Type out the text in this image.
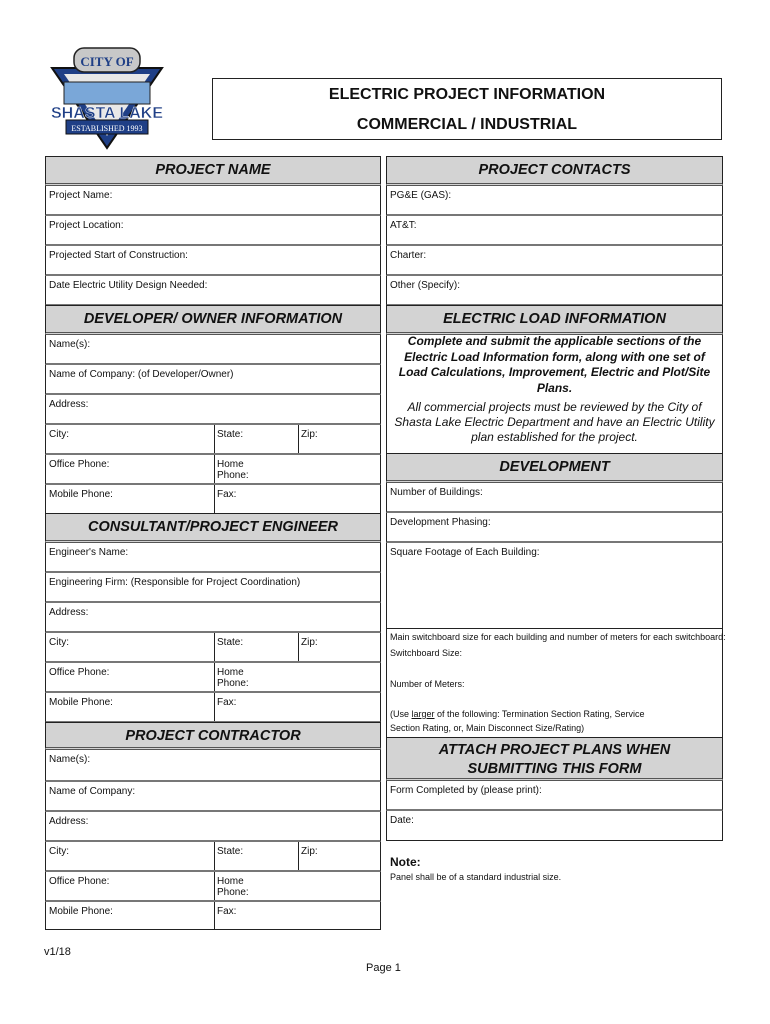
CITY OF
SHASTA LAKE
ESTABLISHED 1993
ELECTRIC PROJECT INFORMATION
COMMERCIAL / INDUSTRIAL
PROJECT NAME
Project Name:
Project Location:
Projected Start of Construction:
Date Electric Utility Design Needed:
DEVELOPER/ OWNER INFORMATION
Name(s):
Name of Company: (of Developer/Owner)
Address:
City:	State:	Zip:
Office Phone:	Home Phone:
Mobile Phone:	Fax:
CONSULTANT/PROJECT ENGINEER
Engineer's Name:
Engineering Firm: (Responsible for Project Coordination)
Address:
City:	State:	Zip:
Office Phone:	Home Phone:
Mobile Phone:	Fax:
PROJECT CONTRACTOR
Name(s):
Name of Company:
Address:
City:	State:	Zip:
Office Phone:	Home Phone:
Mobile Phone:	Fax:
PROJECT CONTACTS
PG&E (GAS):
AT&T:
Charter:
Other (Specify):
ELECTRIC LOAD INFORMATION
Complete and submit the applicable sections of the Electric Load Information form, along with one set of Load Calculations, Improvement, Electric and Plot/Site Plans.
All commercial projects must be reviewed by the City of Shasta Lake Electric Department and have an Electric Utility plan established for the project.
DEVELOPMENT
Number of Buildings:
Development Phasing:
Square Footage of Each Building:
Main switchboard size for each building and number of meters for each switchboard:
Switchboard Size:
Number of Meters:
(Use larger of the following: Termination Section Rating, Service
Section Rating, or, Main Disconnect Size/Rating)
ATTACH PROJECT PLANS WHEN SUBMITTING THIS FORM
Form Completed by (please print):
Date:
Note:
Panel shall be of a standard industrial size.
v1/18
Page 1
